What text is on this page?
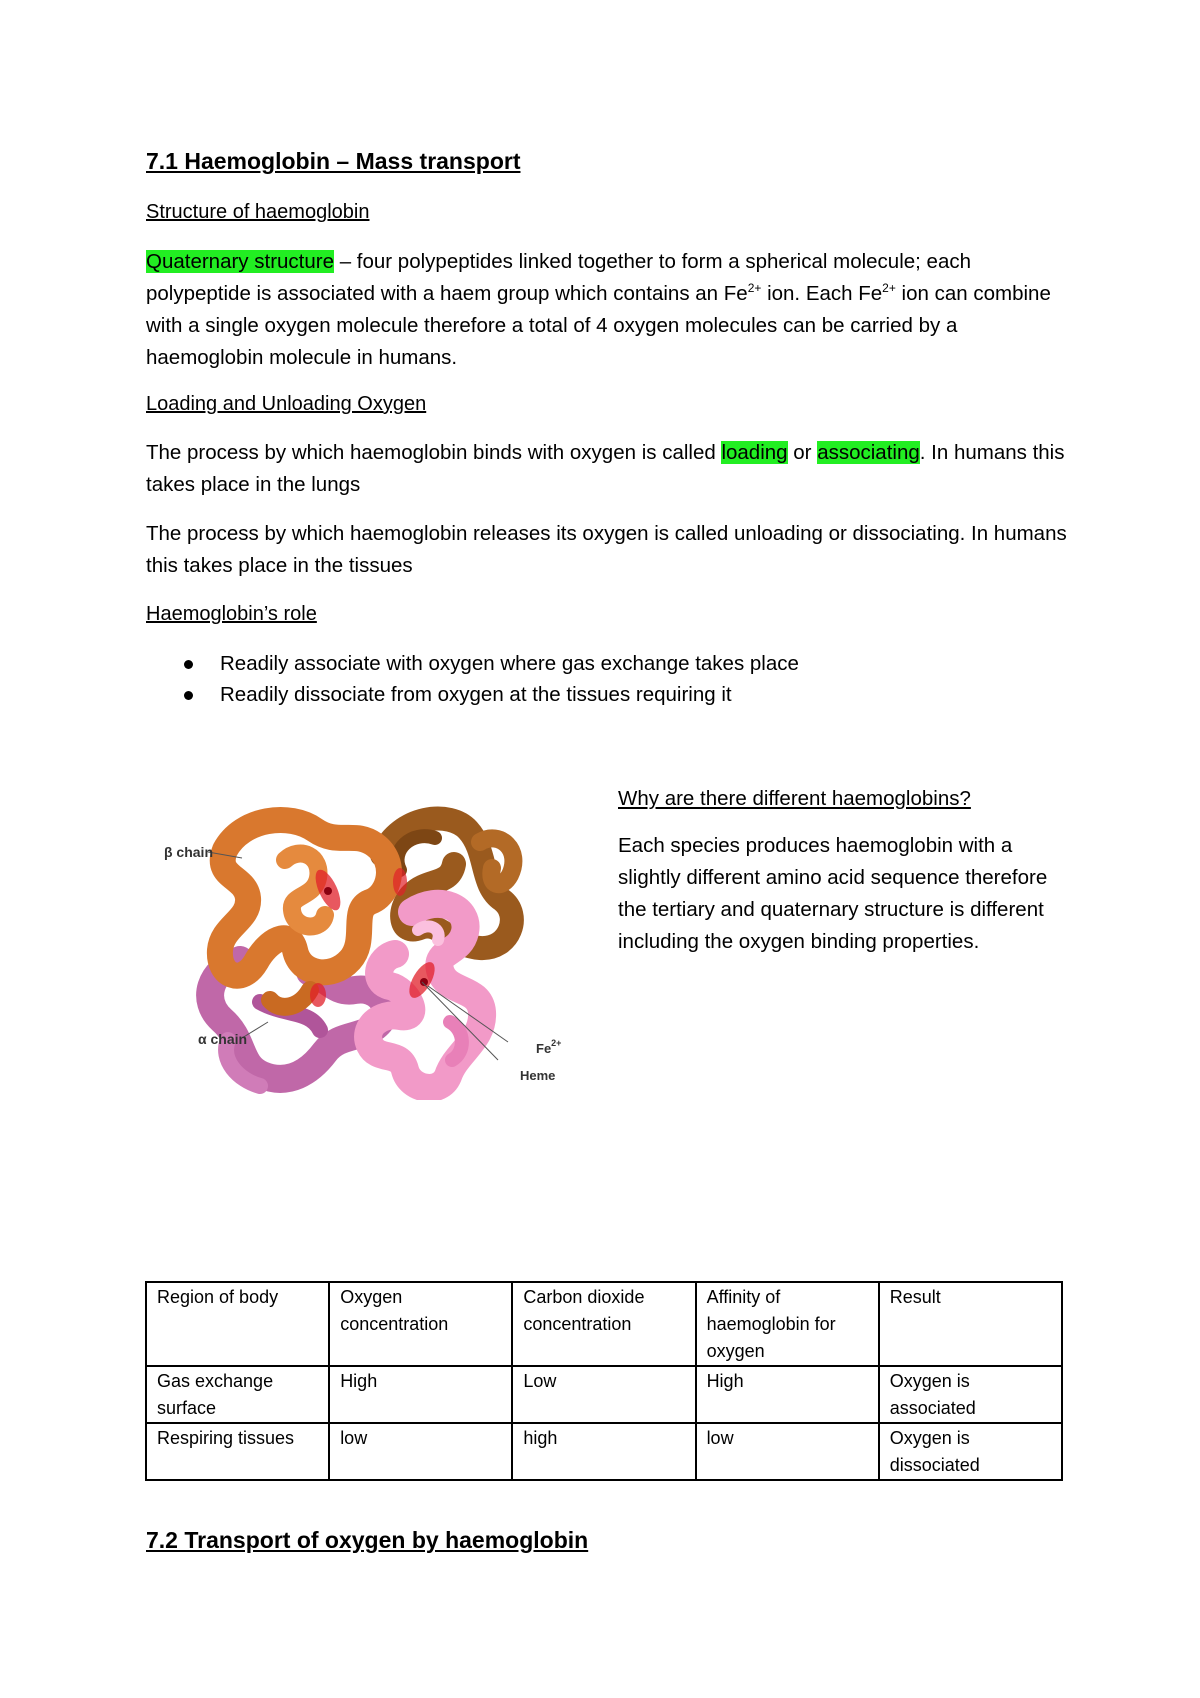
7.1 Haemoglobin – Mass transport
Structure of haemoglobin
Quaternary structure – four polypeptides linked together to form a spherical molecule; each polypeptide is associated with a haem group which contains an $Fe^{2+}$ ion. Each $Fe^{2+}$ ion can combine with a single oxygen molecule therefore a total of 4 oxygen molecules can be carried by a haemoglobin molecule in humans.
Loading and Unloading Oxygen
The process by which haemoglobin binds with oxygen is called loading or associating. In humans this takes place in the lungs
The process by which haemoglobin releases its oxygen is called unloading or dissociating. In humans this takes place in the tissues
Haemoglobin’s role
Readily associate with oxygen where gas exchange takes place
Readily dissociate from oxygen at the tissues requiring it
β chain
α chain
$Fe^{2+}$
Heme
Why are there different haemoglobins?
Each species produces haemoglobin with a slightly different amino acid sequence therefore the tertiary and quaternary structure is different including the oxygen binding properties.
Region of body	Oxygen concentration	Carbon dioxide concentration	Affinity of haemoglobin for oxygen	Result
Gas exchange surface	High	Low	High	Oxygen is associated
Respiring tissues	low	high	low	Oxygen is dissociated
7.2 Transport of oxygen by haemoglobin
